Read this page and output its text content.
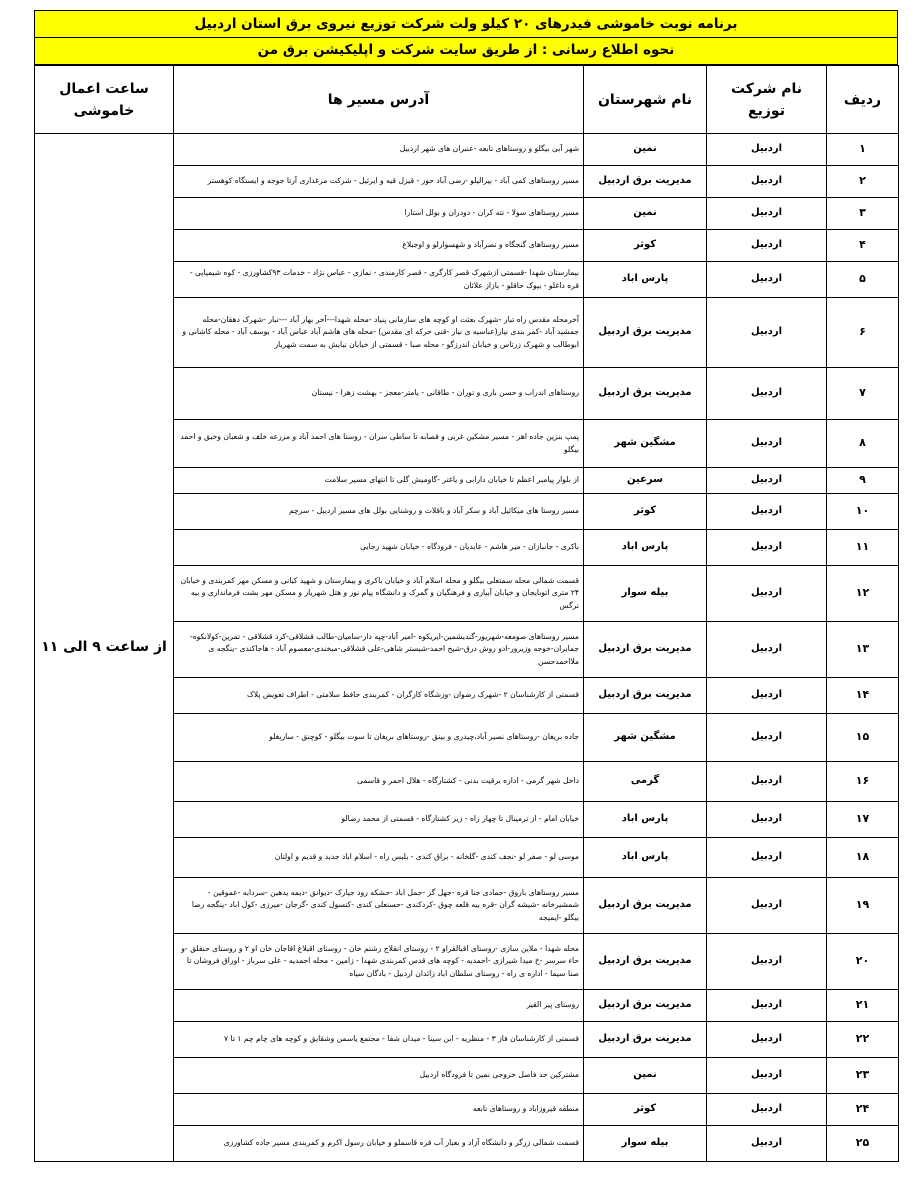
برنامه نوبت خاموشی فیدرهای ۲۰ کیلو ولت شرکت توزیع نیروی برق استان اردبیل
نحوه اطلاع رسانی : از طریق سایت شرکت و اپلیکیشن برق من
ردیف	نام شرکت توزیع	نام شهرستان	آدرس مسیر ها	ساعت اعمال خاموشی
۱	اردبیل	نمین	شهر آبی بیگلو و روستاهای تابعه -عنبران های شهر اردبیل	از ساعت ۹ الی ۱۱
۲	اردبیل	مدیریت برق اردبیل	مسیر روستاهای کمی آباد - بیرالیلو -رضی آباد حور - قیزل قیه و ایرئیل - شرکت مرغداری آرتا جوجه و ایستگاه کوهستر	
۳	اردبیل	نمین	مسیر روستاهای سولا - تته کران - دودران و بولل استارا	
۴	اردبیل	کوثر	مسیر روستاهای گنجگاه و نصرآباد و شهسوارلو و اوجبلاغ	
۵	اردبیل	پارس اباد	بیمارستان شهدا -قسمتی ازشهرک قصر کارگری - قصر کارمندی - نمازی - عباس نژاد - خدمات ۹۳کشاورزی - کوه شیمیایی - قره داغلو - بیوک حاقلو - بازاز علائان	
۶	اردبیل	مدیریت برق اردبیل	آخرمحله مقدس راه تبار -شهرک بعثت او کوچه های سازمانی پنیاد -محله شهدا---آخر بهار آباد ---تبار -شهرک دهقان-محله جمشید آباد -کمر بندی نیار(عباسیه ی نیار -قنی حرکه ای مقدس) -محله های هاشم آباد عباس آباد - یوسف آباد - محله کاشانی و ابوطالب و شهرک زرتاس و خیابان اندرزگو - محله صبا - قسمتی از خیابان نیایش به سمت شهریار	
۷	اردبیل	مدیریت برق اردبیل	روستاهای اندراب و حسن باری و توران - طاقانی - یامتر-معجز - بهشت زهرا - نیستان	
۸	اردبیل	مشگین شهر	پمپ بنزین جاده اهر - مسیر مشکین غربی و قصابه تا ساطی سران - روستا های احمد آباد و مزرعه خلف و شعبان وخیق و احمد بیگلو	
۹	اردبیل	سرعین	از بلوار پیامبر اعظم تا خیابان دارابی و یاغتر -گاومیش گلی تا انتهای مسیر سلامت	
۱۰	اردبیل	کوثر	مسیر روستا های میکائیل آباد و سکر آباد و باقلات و روشنایی بولل های مسیر اردبیل - سرچم	
۱۱	اردبیل	پارس اباد	باکری - جانبازان - میر هاشم - عابدیان - فرودگاه - خیابان شهید رجایی	
۱۲	اردبیل	بیله سوار	قسمت شمالی محله سمتعلی بیگلو و محله اسلام آباد و خیابان باکری و بیمارستان و شهید کیانی و مسکن مهر کمربندی و خیابان ۲۴ متری اتوبایجان و خیابان آبیاری و فرهنگیان و گمرک و دانشگاه پیام نور و هتل شهریار و مسکن مهر بشت فرمانداری و بیه نرگس	
۱۳	اردبیل	مدیریت برق اردبیل	مسیر روستاهای صومعه-شهریور-گندیشمین-ایریکوه -امیر آباد-چپه دار-سامیان-طالب قشلاقی-کرد قشلاقی - تمرین-کولانکوه-جمایران-خوجه وزیرور-ادو روش درق-شیخ احمد-شیستر شاهی-علی قشلاقی-میخندی-معصوم آباد - هاجاکندی -ینگجه ی ملااحمدحسن	
۱۴	اردبیل	مدیریت برق اردبیل	قسمتی از کارشناسان ۲ -شهرک رضوان -وزشگاه کارگران - کمربندی حافظ سلامتی - اطراف تعویض پلاک	
۱۵	اردبیل	مشگین شهر	جاده بریغان -روستاهای نصیر آباد،چیدری و بینق -روستاهای بریغان تا سوت بیگلو - کوچنق - ساریغلو	
۱۶	اردبیل	گرمی	داخل شهر گرمی - اداره برقیت بدنی - کشتارگاه - هلال احمر و قاسمی	
۱۷	اردبیل	پارس اباد	خیابان امام - از ترمینال تا چهار راه - زیر کشتارگاه - قسمتی از محمد رضالو	
۱۸	اردبیل	پارس اباد	موسی لو - صفر لو -نجف کندی -گلخانه - براق کندی - بلبس راه - اسلام اباد جدید و قدیم و اولتان	
۱۹	اردبیل	مدیریت برق اردبیل	مسیر روستاهای باروق -جمادی جنا قره -جهل گز -جمل اباد -حشکه رود جیارک -دیوانق -دیمه یدهین -سردابه -عموقین - شمشیرخانه -شیشه گران -قره بیه قلعه چوق -کردکندی -حسنعلی کندی -کنسول کندی -گرجان -میرزی -کول اباد -ینگجه رضا بیگلو -ایمیجه	
۲۰	اردبیل	مدیریت برق اردبیل	محله شهدا - ملاین سازی -روستای اقبالقراو ۲ - روستای انقلاج رشتم خان - روستای اقبلاغ اقاجان خان او ۲ و روستای حنقلق -و حاء سرسر -خ ميدا شیرازی -احمدیه - کوچه های قدس کمربندی شهدا - زامین - محله احمدیه - علی سرباز - اوراق فروشان تا صنا سیما - اداره ی راه - روستای سلطان اباد زائدان اردبیل - بادگان سیاه	
۲۱	اردبیل	مدیریت برق اردبیل	روستای پیر القیر	
۲۲	اردبیل	مدیریت برق اردبیل	قسمتی از کارشناسان فاز ۳ - منظریه - ابن سینا - میدان شفا - مجتمع یاسمن وشقایق و کوچه های چام چم ۱ تا ۷	
۲۳	اردبیل	نمین	مشترکین حد فاصل خروجی نمین تا فرودگاه اردبیل	
۲۴	اردبیل	کوثر	منطقه قیروزاباد و روستاهای تابعه	
۲۵	اردبیل	بیله سوار	قسمت شمالی زرگر و دانشگاه آزاد و بعبار آب قره قاسملو و خیابان رسول اکرم و کمربندی مسیر جاده کشاورزی	
